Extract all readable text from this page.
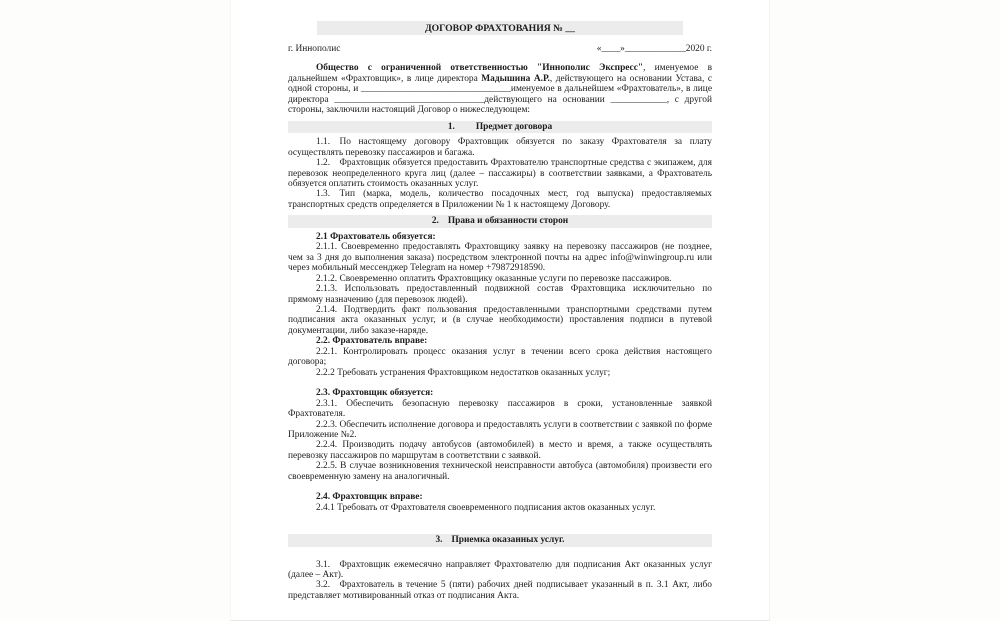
ДОГОВОР ФРАХТОВАНИЯ № __
г. Иннополис	«____»_____________2020 г.
Общество с ограниченной ответственностью "Иннополис Экспресс", именуемое в дальнейшем «Фрахтовщик», в лице директора Мадышина А.Р., действующего на основании Устава, с одной стороны, и ________________________________именуемое в дальнейшем «Фрахтователь», в лице директора ________________________________действующего на основании ____________, с другой стороны, заключили настоящий Договор о нижеследующем:
1. Предмет договора
1.1. По настоящему договору Фрахтовщик обязуется по заказу Фрахтователя за плату осуществлять перевозку пассажиров и багажа.
1.2. Фрахтовщик обязуется предоставить Фрахтователю транспортные средства с экипажем, для перевозок неопределенного круга лиц (далее – пассажиры) в соответствии заявками, а Фрахтователь обязуется оплатить стоимость оказанных услуг.
1.3. Тип (марка, модель, количество посадочных мест, год выпуска) предоставляемых транспортных средств определяется в Приложении № 1 к настоящему Договору.
2. Права и обязанности сторон
2.1 Фрахтователь обязуется:
2.1.1. Своевременно предоставлять Фрахтовщику заявку на перевозку пассажиров (не позднее, чем за 3 дня до выполнения заказа) посредством электронной почты на адрес info@winwingroup.ru или через мобильный мессенджер Telegram на номер +79872918590.
2.1.2. Своевременно оплатить Фрахтовщику оказанные услуги по перевозке пассажиров.
2.1.3. Использовать предоставленный подвижной состав Фрахтовщика исключительно по прямому назначению (для перевозок людей).
2.1.4. Подтвердить факт пользования предоставленными транспортными средствами путем подписания акта оказанных услуг, и (в случае необходимости) проставления подписи в путевой документации, либо заказе-наряде.
2.2. Фрахтователь вправе:
2.2.1. Контролировать процесс оказания услуг в течении всего срока действия настоящего договора;
2.2.2 Требовать устранения Фрахтовщиком недостатков оказанных услуг;
2.3. Фрахтовщик обязуется:
2.3.1. Обеспечить безопасную перевозку пассажиров в сроки, установленные заявкой Фрахтователя.
2.2.3. Обеспечить исполнение договора и предоставлять услуги в соответствии с заявкой по форме Приложение №2.
2.2.4. Производить подачу автобусов (автомобилей) в место и время, а также осуществлять перевозку пассажиров по маршрутам в соответствии с заявкой.
2.2.5. В случае возникновения технической неисправности автобуса (автомобиля) произвести его своевременную замену на аналогичный.
2.4. Фрахтовщик вправе:
2.4.1 Требовать от Фрахтователя своевременного подписания актов оказанных услуг.
3. Приемка оказанных услуг.
3.1. Фрахтовщик ежемесячно направляет Фрахтователю для подписания Акт оказанных услуг (далее – Акт).
3.2. Фрахтователь в течение 5 (пяти) рабочих дней подписывает указанный в п. 3.1 Акт, либо представляет мотивированный отказ от подписания Акта.
